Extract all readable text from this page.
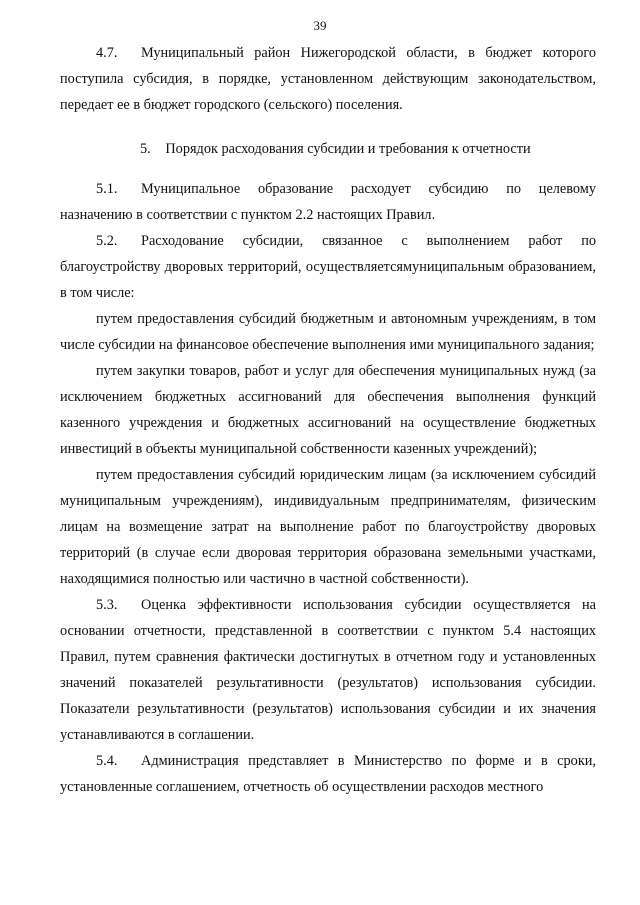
39

4.7. Муниципальный район Нижегородской области, в бюджет которого поступила субсидия, в порядке, установленном действующим законодательством, передает ее в бюджет городского (сельского) поселения.

5. Порядок расходования субсидии и требования к отчетности

5.1. Муниципальное образование расходует субсидию по целевому назначению в соответствии с пунктом 2.2 настоящих Правил.

5.2. Расходование субсидии, связанное с выполнением работ по благоустройству дворовых территорий, осуществляетсямуниципальным образованием, в том числе:

путем предоставления субсидий бюджетным и автономным учреждениям, в том числе субсидии на финансовое обеспечение выполнения ими муниципального задания;

путем закупки товаров, работ и услуг для обеспечения муниципальных нужд (за исключением бюджетных ассигнований для обеспечения выполнения функций казенного учреждения и бюджетных ассигнований на осуществление бюджетных инвестиций в объекты муниципальной собственности казенных учреждений);

путем предоставления субсидий юридическим лицам (за исключением субсидий муниципальным учреждениям), индивидуальным предпринимателям, физическим лицам на возмещение затрат на выполнение работ по благоустройству дворовых территорий (в случае если дворовая территория образована земельными участками, находящимися полностью или частично в частной собственности).

5.3. Оценка эффективности использования субсидии осуществляется на основании отчетности, представленной в соответствии с пунктом 5.4 настоящих Правил, путем сравнения фактически достигнутых в отчетном году и установленных значений показателей результативности (результатов) использования субсидии. Показатели результативности (результатов) использования субсидии и их значения устанавливаются в соглашении.

5.4. Администрация представляет в Министерство по форме и в сроки, установленные соглашением, отчетность об осуществлении расходов местного
